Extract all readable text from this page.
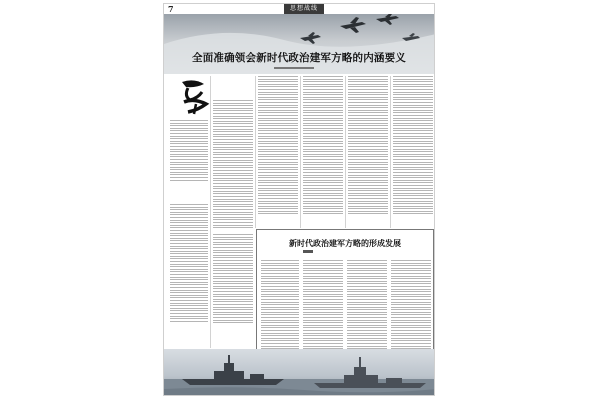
7	思想战线
全面准确领会新时代政治建军方略的内涵要义
新时代政治建军方略的形成发展
